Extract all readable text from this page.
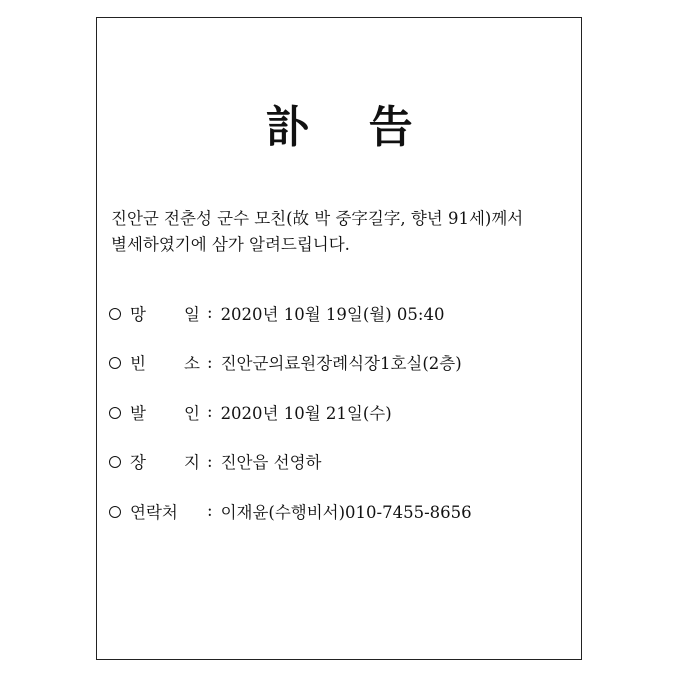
訃 告
진안군 전춘성 군수 모친(故 박 중字길字, 향년 91세)께서
별세하였기에 삼가 알려드립니다.
망 일 : 2020년 10월 19일(월) 05:40
빈 소 : 진안군의료원장례식장1호실(2층)
발 인 : 2020년 10월 21일(수)
장 지 : 진안읍 선영하
연락처	: 이재윤(수행비서)010-7455-8656
